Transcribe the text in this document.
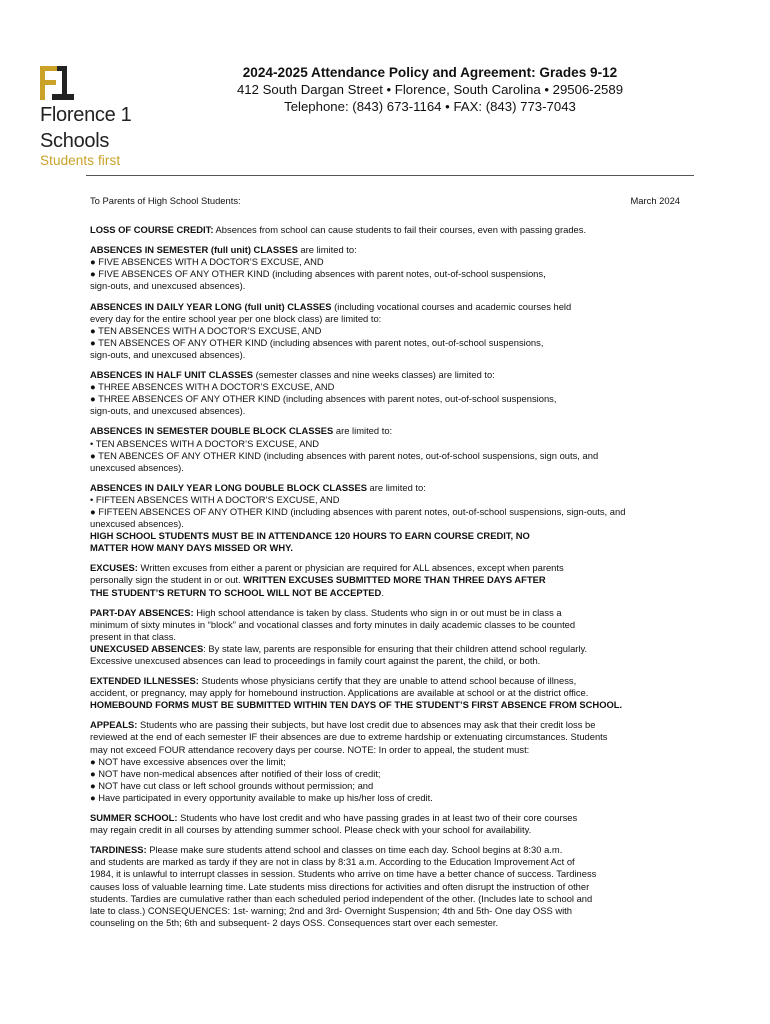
Florence 1
Schools
Students first
2024-2025 Attendance Policy and Agreement: Grades 9-12
412 South Dargan Street • Florence, South Carolina • 29506-2589
Telephone: (843) 673-1164 • FAX: (843) 773-7043
To Parents of High School Students:	March 2024
LOSS OF COURSE CREDIT: Absences from school can cause students to fail their courses, even with passing grades.
ABSENCES IN SEMESTER (full unit) CLASSES are limited to:
● FIVE ABSENCES WITH A DOCTOR’S EXCUSE, AND
● FIVE ABSENCES OF ANY OTHER KIND (including absences with parent notes, out-of-school suspensions,
sign-outs, and unexcused absences).
ABSENCES IN DAILY YEAR LONG (full unit) CLASSES (including vocational courses and academic courses held
every day for the entire school year per one block class) are limited to:
● TEN ABSENCES WITH A DOCTOR’S EXCUSE, AND
● TEN ABSENCES OF ANY OTHER KIND (including absences with parent notes, out-of-school suspensions,
sign-outs, and unexcused absences).
ABSENCES IN HALF UNIT CLASSES (semester classes and nine weeks classes) are limited to:
● THREE ABSENCES WITH A DOCTOR’S EXCUSE, AND
● THREE ABSENCES OF ANY OTHER KIND (including absences with parent notes, out-of-school suspensions,
sign-outs, and unexcused absences).
ABSENCES IN SEMESTER DOUBLE BLOCK CLASSES are limited to:
• TEN ABSENCES WITH A DOCTOR’S EXCUSE, AND
● TEN ABENCES OF ANY OTHER KIND (including absences with parent notes, out-of-school suspensions, sign outs, and
unexcused absences).
ABSENCES IN DAILY YEAR LONG DOUBLE BLOCK CLASSES are limited to:
• FIFTEEN ABSENCES WITH A DOCTOR’S EXCUSE, AND
● FIFTEEN ABSENCES OF ANY OTHER KIND (including absences with parent notes, out-of-school suspensions, sign-outs, and
unexcused absences).
HIGH SCHOOL STUDENTS MUST BE IN ATTENDANCE 120 HOURS TO EARN COURSE CREDIT, NO
MATTER HOW MANY DAYS MISSED OR WHY.
EXCUSES: Written excuses from either a parent or physician are required for ALL absences, except when parents
personally sign the student in or out. WRITTEN EXCUSES SUBMITTED MORE THAN THREE DAYS AFTER
THE STUDENT’S RETURN TO SCHOOL WILL NOT BE ACCEPTED.
PART-DAY ABSENCES: High school attendance is taken by class. Students who sign in or out must be in class a
minimum of sixty minutes in “block” and vocational classes and forty minutes in daily academic classes to be counted
present in that class.
UNEXCUSED ABSENCES: By state law, parents are responsible for ensuring that their children attend school regularly.
Excessive unexcused absences can lead to proceedings in family court against the parent, the child, or both.
EXTENDED ILLNESSES: Students whose physicians certify that they are unable to attend school because of illness,
accident, or pregnancy, may apply for homebound instruction. Applications are available at school or at the district office.
HOMEBOUND FORMS MUST BE SUBMITTED WITHIN TEN DAYS OF THE STUDENT’S FIRST ABSENCE FROM SCHOOL.
APPEALS: Students who are passing their subjects, but have lost credit due to absences may ask that their credit loss be
reviewed at the end of each semester IF their absences are due to extreme hardship or extenuating circumstances. Students
may not exceed FOUR attendance recovery days per course. NOTE: In order to appeal, the student must:
● NOT have excessive absences over the limit;
● NOT have non-medical absences after notified of their loss of credit;
● NOT have cut class or left school grounds without permission; and
● Have participated in every opportunity available to make up his/her loss of credit.
SUMMER SCHOOL: Students who have lost credit and who have passing grades in at least two of their core courses
may regain credit in all courses by attending summer school. Please check with your school for availability.
TARDINESS: Please make sure students attend school and classes on time each day. School begins at 8:30 a.m.
and students are marked as tardy if they are not in class by 8:31 a.m. According to the Education Improvement Act of
1984, it is unlawful to interrupt classes in session. Students who arrive on time have a better chance of success. Tardiness
causes loss of valuable learning time. Late students miss directions for activities and often disrupt the instruction of other
students. Tardies are cumulative rather than each scheduled period independent of the other. (Includes late to school and
late to class.) CONSEQUENCES: 1st- warning; 2nd and 3rd- Overnight Suspension; 4th and 5th- One day OSS with
counseling on the 5th; 6th and subsequent- 2 days OSS. Consequences start over each semester.
